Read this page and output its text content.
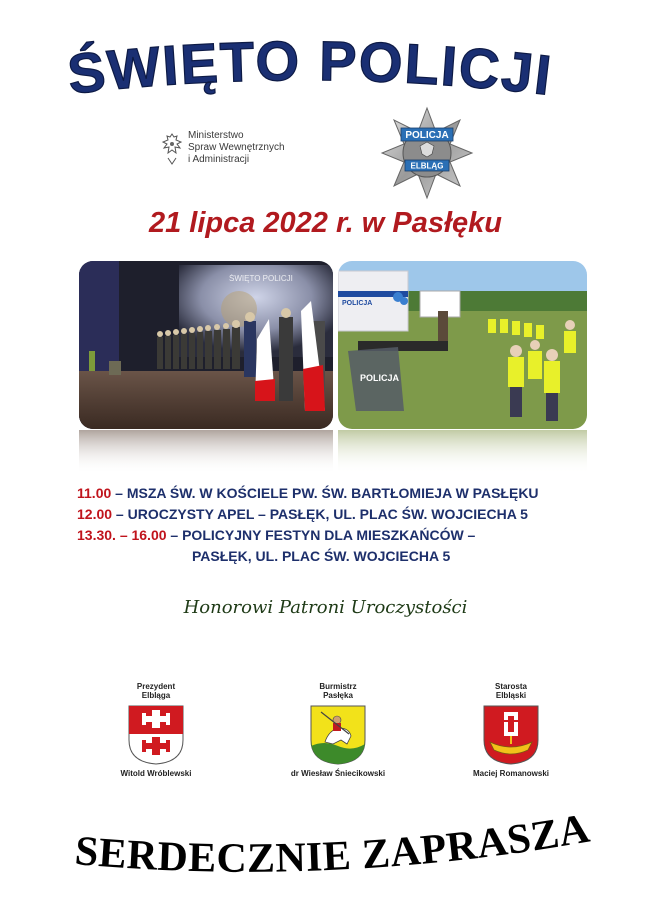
ŚWIĘTO POLICJI
Ministerstwo
Spraw Wewnętrznych
i Administracji
POLICJA
ELBLĄG
21 lipca 2022 r. w Pasłęku
ŚWIĘTO POLICJI
POLICJA
POLICJA
11.00 – MSZA ŚW. W KOŚCIELE PW. ŚW. BARTŁOMIEJA W PASŁĘKU
12.00 – UROCZYSTY APEL – PASŁĘK, UL. PLAC ŚW. WOJCIECHA 5
13.30. – 16.00 – POLICYJNY FESTYN DLA MIESZKAŃCÓW –
PASŁĘK, UL. PLAC ŚW. WOJCIECHA 5
Honorowi Patroni Uroczystości
Prezydent
Elbląga
Witold Wróblewski
Burmistrz
Pasłęka
dr Wiesław Śniecikowski
Starosta
Elbląski
Maciej Romanowski
SERDECZNIE ZAPRASZA
